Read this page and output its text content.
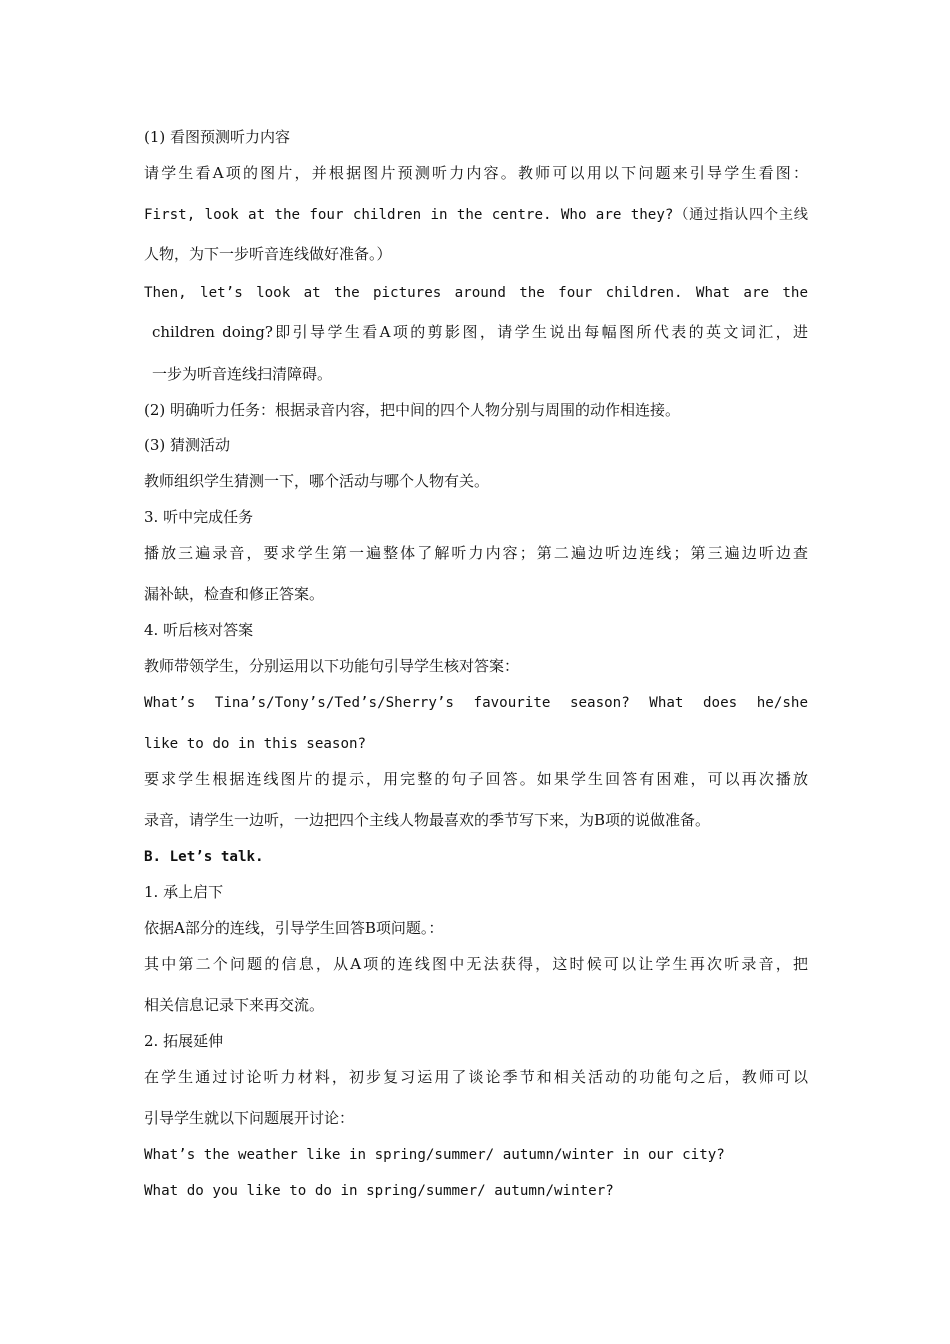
(1) 看图预测听力内容
请学生看A项的图片，并根据图片预测听力内容。教师可以用以下问题来引导学生看图：
First, look at the four children in the centre. Who are they?（通过指认四个主线
人物，为下一步听音连线做好准备。）
Then, let’s look at the pictures around the four children. What are the
children doing?即引导学生看A项的剪影图，请学生说出每幅图所代表的英文词汇，进
一步为听音连线扫清障碍。
(2) 明确听力任务：根据录音内容，把中间的四个人物分别与周围的动作相连接。
(3) 猜测活动
教师组织学生猜测一下，哪个活动与哪个人物有关。
3. 听中完成任务
播放三遍录音，要求学生第一遍整体了解听力内容；第二遍边听边连线；第三遍边听边查
漏补缺，检查和修正答案。
4. 听后核对答案
教师带领学生，分别运用以下功能句引导学生核对答案：
What’s Tina’s/Tony’s/Ted’s/Sherry’s favourite season? What does he/she
like to do in this season?
要求学生根据连线图片的提示，用完整的句子回答。如果学生回答有困难，可以再次播放
录音，请学生一边听，一边把四个主线人物最喜欢的季节写下来，为B项的说做准备。
B. Let’s talk.
1. 承上启下
依据A部分的连线，引导学生回答B项问题。：
其中第二个问题的信息，从A项的连线图中无法获得，这时候可以让学生再次听录音，把
相关信息记录下来再交流。
2. 拓展延伸
在学生通过讨论听力材料，初步复习运用了谈论季节和相关活动的功能句之后，教师可以
引导学生就以下问题展开讨论：
What’s the weather like in spring/summer/ autumn/winter in our city?
What do you like to do in spring/summer/ autumn/winter?
